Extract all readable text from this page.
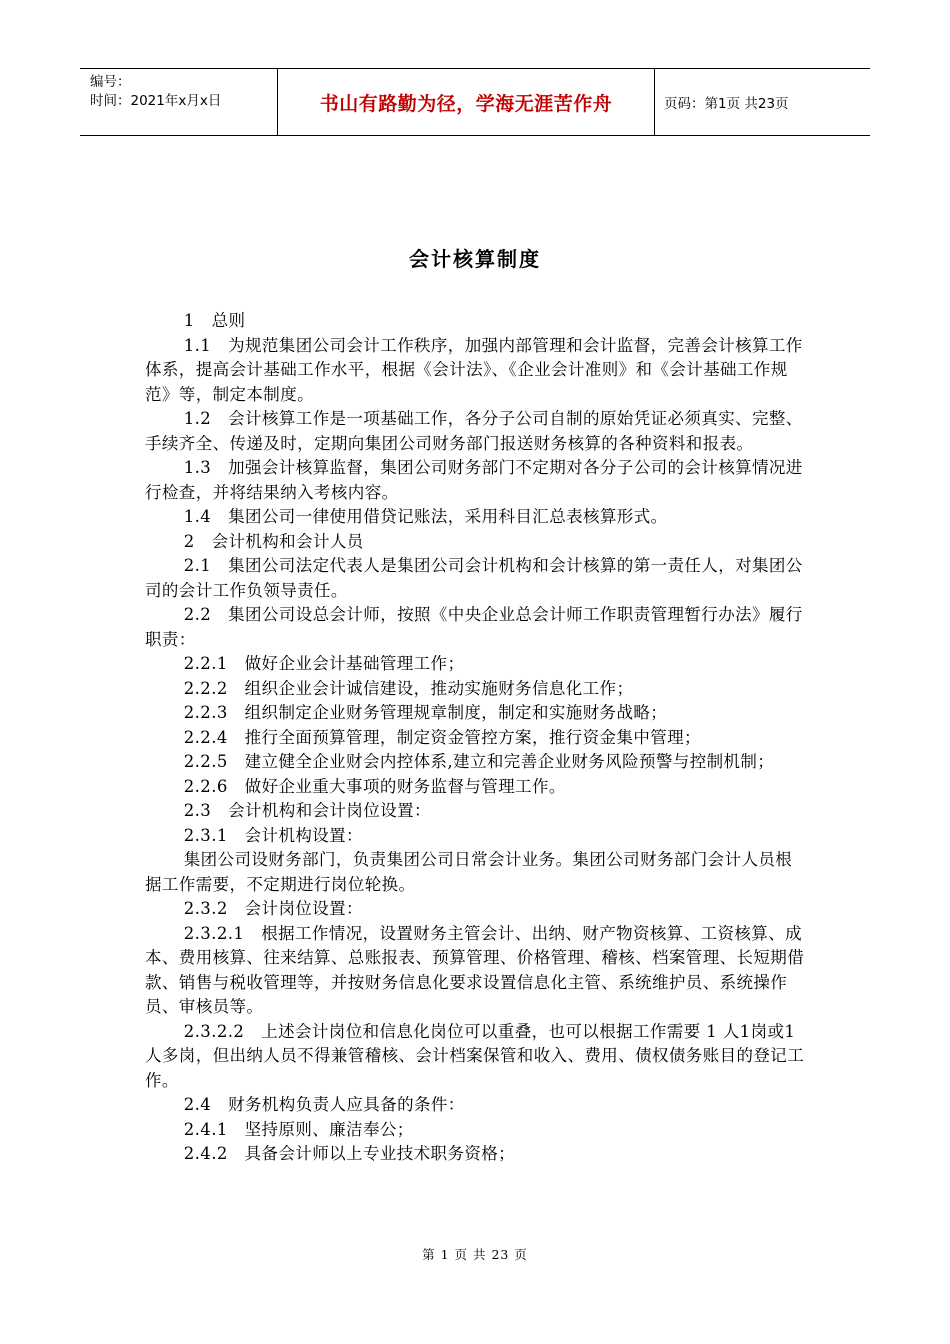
编号：
时间：2021年x月x日	书山有路勤为径，学海无涯苦作舟	页码：第1页 共23页
会计核算制度

1　总则

1.1　为规范集团公司会计工作秩序，加强内部管理和会计监督，完善会计核算工作体系，提高会计基础工作水平，根据《会计法》、《企业会计准则》和《会计基础工作规范》等，制定本制度。

1.2　会计核算工作是一项基础工作，各分子公司自制的原始凭证必须真实、完整、手续齐全、传递及时，定期向集团公司财务部门报送财务核算的各种资料和报表。

1.3　加强会计核算监督，集团公司财务部门不定期对各分子公司的会计核算情况进行检查，并将结果纳入考核内容。

1.4　集团公司一律使用借贷记账法，采用科目汇总表核算形式。

2　会计机构和会计人员

2.1　集团公司法定代表人是集团公司会计机构和会计核算的第一责任人，对集团公司的会计工作负领导责任。

2.2　集团公司设总会计师，按照《中央企业总会计师工作职责管理暂行办法》履行职责：

2.2.1　做好企业会计基础管理工作；

2.2.2　组织企业会计诚信建设，推动实施财务信息化工作；

2.2.3　组织制定企业财务管理规章制度，制定和实施财务战略；

2.2.4　推行全面预算管理，制定资金管控方案，推行资金集中管理；

2.2.5　建立健全企业财会内控体系,建立和完善企业财务风险预警与控制机制；

2.2.6　做好企业重大事项的财务监督与管理工作。

2.3　会计机构和会计岗位设置：

2.3.1　会计机构设置：

集团公司设财务部门，负责集团公司日常会计业务。集团公司财务部门会计人员根据工作需要，不定期进行岗位轮换。

2.3.2　会计岗位设置：

2.3.2.1　根据工作情况，设置财务主管会计、出纳、财产物资核算、工资核算、成本、费用核算、往来结算、总账报表、预算管理、价格管理、稽核、档案管理、长短期借款、销售与税收管理等，并按财务信息化要求设置信息化主管、系统维护员、系统操作员、审核员等。

2.3.2.2　上述会计岗位和信息化岗位可以重叠，也可以根据工作需要 1 人1岗或1人多岗，但出纳人员不得兼管稽核、会计档案保管和收入、费用、债权债务账目的登记工作。

2.4　财务机构负责人应具备的条件：

2.4.1　坚持原则、廉洁奉公；

2.4.2　具备会计师以上专业技术职务资格；

第 1 页 共 23 页
